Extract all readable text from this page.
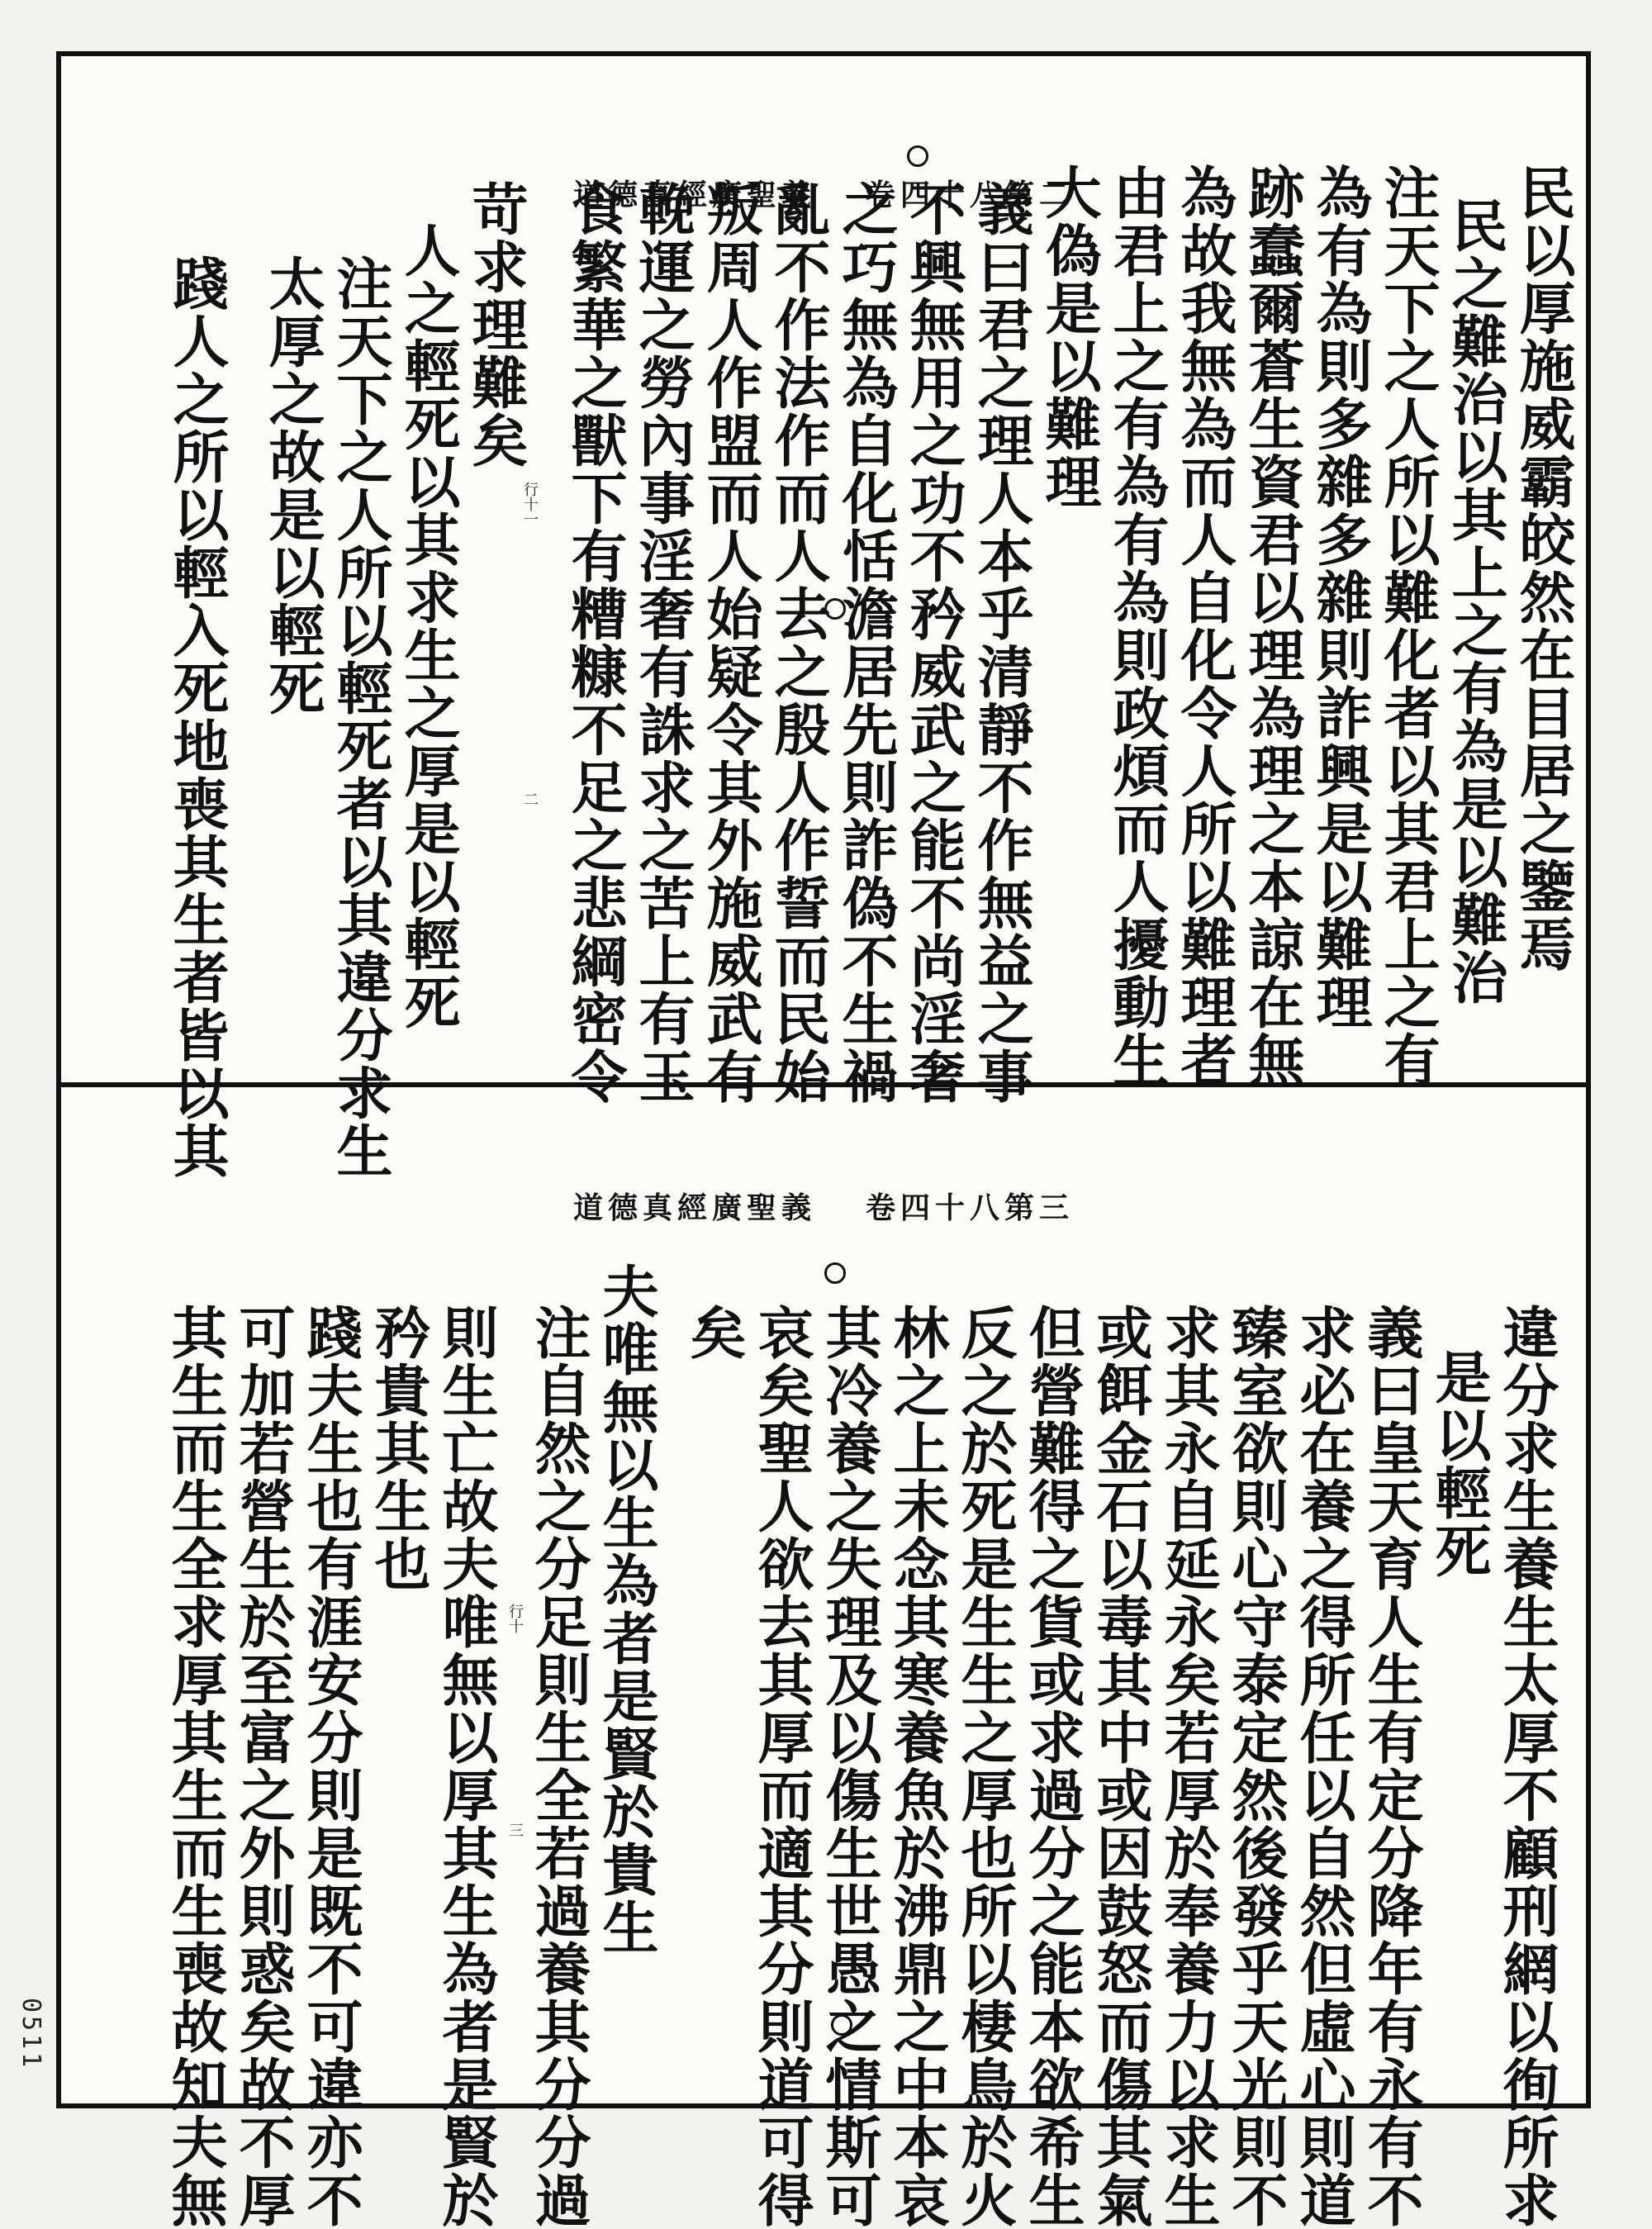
道德真經廣聖義 卷四十八第二	民以厚施威霸皎然在目居之鑒焉
民之難治以其上之有為是以難治
注天下之人所以難化者以其君上之有
為有為則多雜多雜則詐興是以難理
跡蠢爾蒼生資君以理為理之本諒在無
為故我無為而人自化令人所以難理者
由君上之有為有為則政煩而人擾動生
大偽是以難理
義曰君之理人本乎清靜不作無益之事
不興無用之功不矜威武之能不尚淫奢
之巧無為自化恬澹居先則詐偽不生禍
亂不作法作而人去之殷人作誓而民始
叛周人作盟而人始疑令其外施威武有
輓運之勞內事淫奢有誅求之苦上有玉
食繁華之獸下有糟糠不足之悲綱密令
苛求理難矣
人
之輕死以其求生之厚是以輕死
注天下之人所以輕死者以其違分求生
太厚之故是以輕死
踐人之所以輕入死地喪其生者皆以其	行十一
二
道德真經廣聖義 卷四十八第三
違分求生養生太厚不顧刑網以徇所求
是以輕死
義曰皇天育人生有定分降年有永有不
求必在養之得所任以自然但虛心則道
臻室欲則心守泰定然後發乎天光則不
求其永自延永矣若厚於奉養力以求生
或餌金石以毒其中或因鼓怒而傷其氣
但營難得之貨或求過分之能本欲希生
反之於死是生生之厚也所以棲鳥於火
林之上未念其寒養魚於沸鼎之中本哀
其冷養之失理及以傷生世愚之情斯可
哀矣聖人欲去其厚而適其分則道可得
矣
夫唯無以生為者是賢於貴生
注自然之分足則生全若過養其分分過
則生亡故夫唯無以厚其生為者是賢於
矜貴其生也
踐夫生也有涯安分則是既不可違亦不
可加若營生於至富之外則惑矣故不厚
其生而生全求厚其生而生喪故知夫無	行十
三
0511
